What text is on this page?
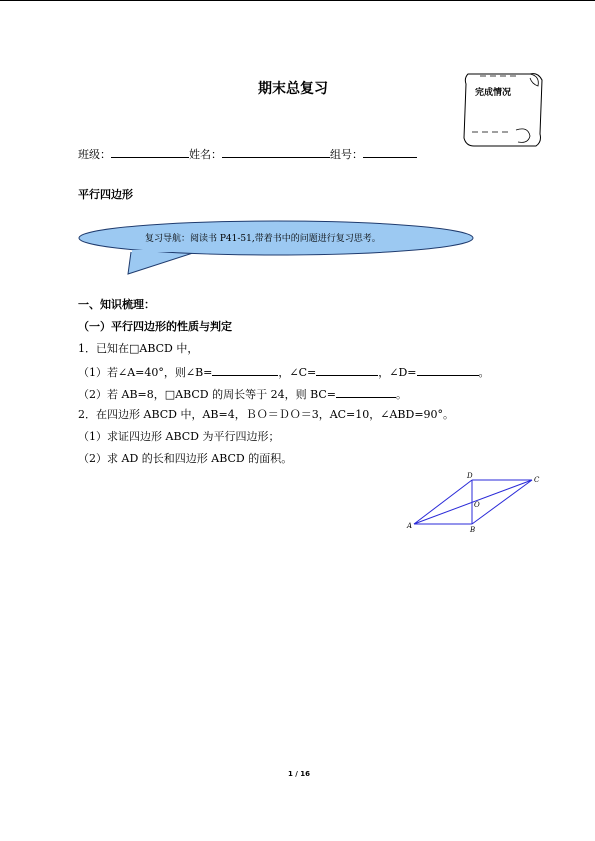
期末总复习	完成情况
班级：	姓名：	组号：
平行四边形
复习导航：阅读书 P41-51,带着书中的问题进行复习思考。
一、知识梳理：
（一）平行四边形的性质与判定
1．已知在□ABCD 中，
（1）若∠A=40°，则∠B=	，∠C=	，∠D=	。
（2）若 AB=8，□ABCD 的周长等于 24，则 BC=	。
2．在四边形 ABCD 中，AB=4，ＢＯ＝ＤＯ＝3，AC=10，∠ABD=90°。
（1）求证四边形 ABCD 为平行四边形；
（2）求 AD 的长和四边形 ABCD 的面积。
A	B
C
D
O
1 / 16
